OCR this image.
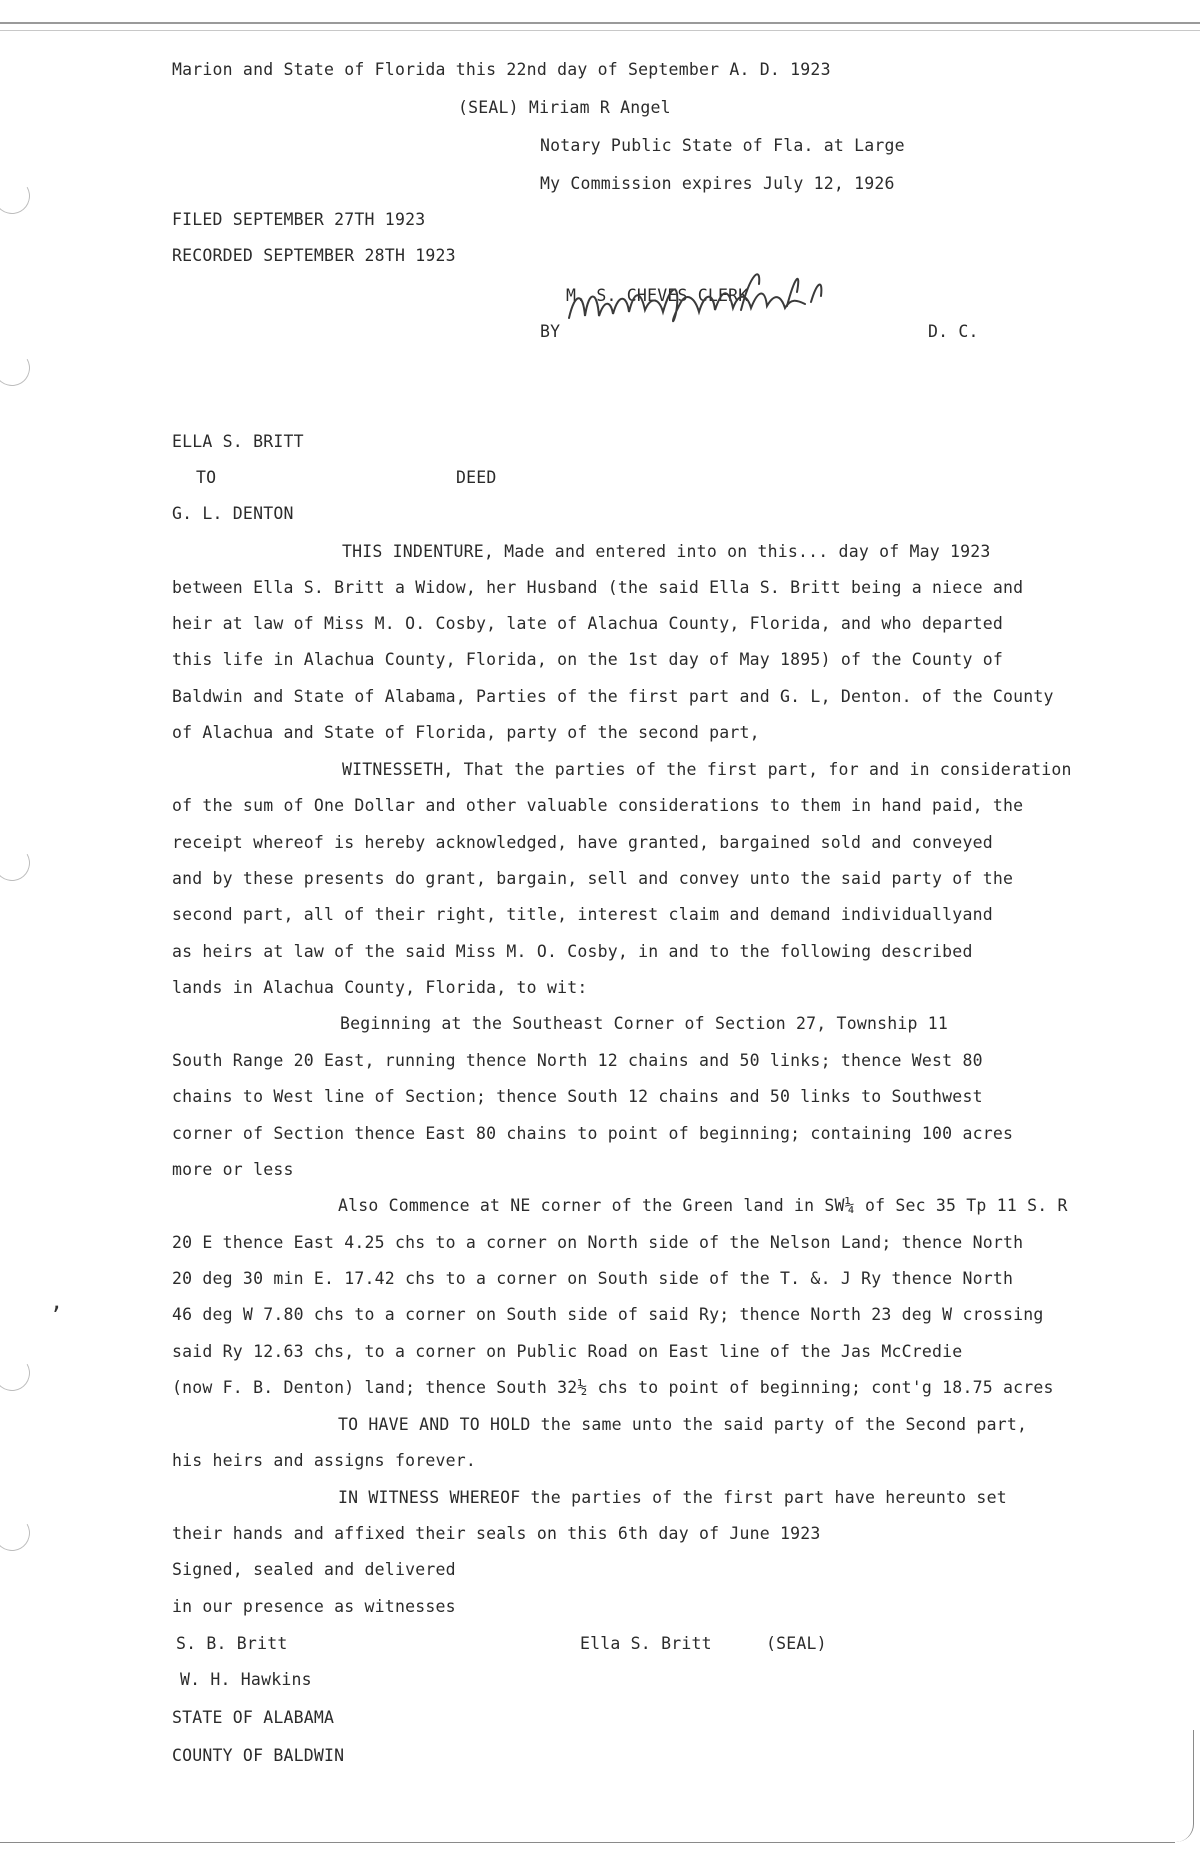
,
Marion and State of Florida this 22nd day of September A. D. 1923
(SEAL) Miriam R Angel
Notary Public State of Fla. at Large
My Commission expires July 12, 1926
FILED SEPTEMBER 27TH 1923
RECORDED SEPTEMBER 28TH 1923
M. S. CHEVES CLERK
BY	D. C.
ELLA S. BRITT
TO	DEED
G. L. DENTON
THIS INDENTURE, Made and entered into on this... day of May 1923
between Ella S. Britt a Widow, her Husband (the said Ella S. Britt being a niece and
heir at law of Miss M. O. Cosby, late of Alachua County, Florida, and who departed
this life in Alachua County, Florida, on the 1st day of May 1895) of the County of
Baldwin and State of Alabama, Parties of the first part and G. L, Denton. of the County
of Alachua and State of Florida, party of the second part,
WITNESSETH, That the parties of the first part, for and in consideration
of the sum of One Dollar and other valuable considerations to them in hand paid, the
receipt whereof is hereby acknowledged, have granted, bargained sold and conveyed
and by these presents do grant, bargain, sell and convey unto the said party of the
second part, all of their right, title, interest claim and demand individuallyand
as heirs at law of the said Miss M. O. Cosby, in and to the following described
lands in Alachua County, Florida, to wit:
Beginning at the Southeast Corner of Section 27, Township 11
South Range 20 East, running thence North 12 chains and 50 links; thence West 80
chains to West line of Section; thence South 12 chains and 50 links to Southwest
corner of Section thence East 80 chains to point of beginning; containing 100 acres
more or less
Also Commence at NE corner of the Green land in SW¼ of Sec 35 Tp 11 S. R
20 E thence East 4.25 chs to a corner on North side of the Nelson Land; thence North
20 deg 30 min E. 17.42 chs to a corner on South side of the T. &. J Ry thence North
46 deg W 7.80 chs to a corner on South side of said Ry; thence North 23 deg W crossing
said Ry 12.63 chs, to a corner on Public Road on East line of the Jas McCredie
(now F. B. Denton) land; thence South 32½ chs to point of beginning; cont'g 18.75 acres
TO HAVE AND TO HOLD the same unto the said party of the Second part,
his heirs and assigns forever.
IN WITNESS WHEREOF the parties of the first part have hereunto set
their hands and affixed their seals on this 6th day of June 1923
Signed, sealed and delivered
in our presence as witnesses
S. B. Britt	Ella S. Britt	(SEAL)
W. H. Hawkins
STATE OF ALABAMA
COUNTY OF BALDWIN
